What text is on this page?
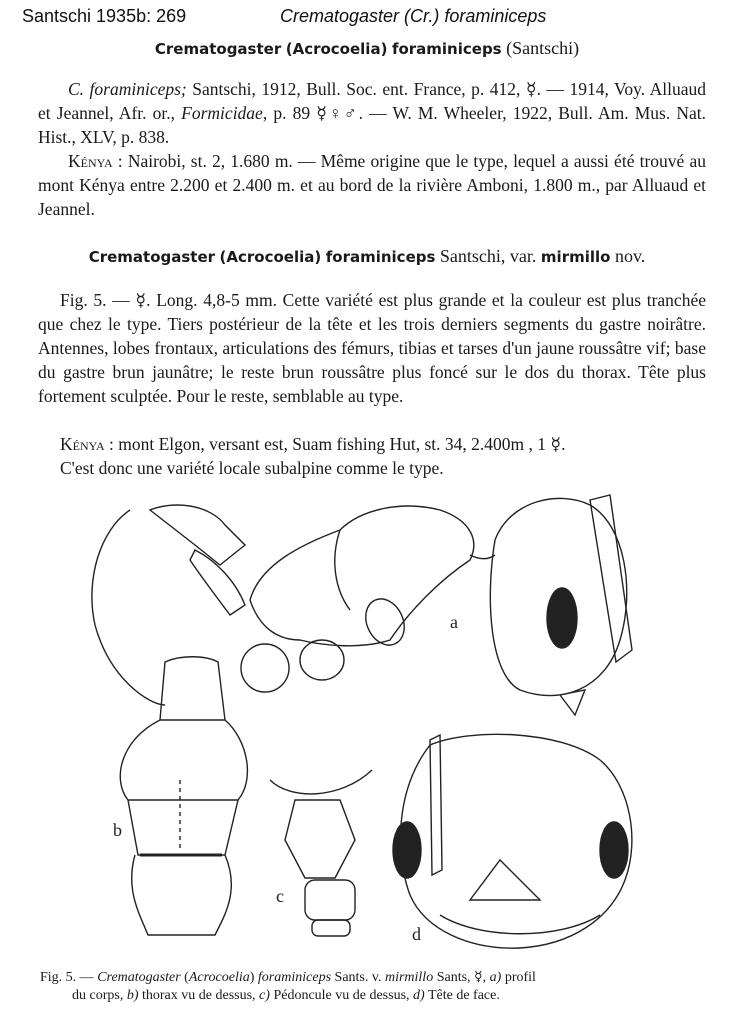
Santschi 1935b: 269	Crematogaster (Cr.) foraminiceps
Crematogaster (Acrocoelia) foraminiceps (Santschi)
C. foraminiceps; Santschi, 1912, Bull. Soc. ent. France, p. 412, ☿. — 1914, Voy. Alluaud et Jeannel, Afr. or., Formicidae, p. 89 ☿♀♂. — W. M. Wheeler, 1922, Bull. Am. Mus. Nat. Hist., XLV, p. 838.
Kénya : Nairobi, st. 2, 1.680 m. — Même origine que le type, lequel a aussi été trouvé au mont Kénya entre 2.200 et 2.400 m. et au bord de la rivière Amboni, 1.800 m., par Alluaud et Jeannel.
Crematogaster (Acrocoelia) foraminiceps Santschi, var. mirmillo nov.
Fig. 5. — ☿. Long. 4,8-5 mm. Cette variété est plus grande et la couleur est plus tranchée que chez le type. Tiers postérieur de la tête et les trois derniers segments du gastre noirâtre. Antennes, lobes frontaux, articulations des fémurs, tibias et tarses d'un jaune roussâtre vif; base du gastre brun jaunâtre; le reste brun roussâtre plus foncé sur le dos du thorax. Tête plus fortement sculptée. Pour le reste, semblable au type.
Kénya : mont Elgon, versant est, Suam fishing Hut, st. 34, 2.400m , 1 ☿.
C'est donc une variété locale subalpine comme le type.
a
b
c
d
Fig. 5. — Crematogaster (Acrocoelia) foraminiceps Sants. v. mirmillo Sants, ☿, a) profil
du corps, b) thorax vu de dessus, c) Pédoncule vu de dessus, d) Tête de face.
